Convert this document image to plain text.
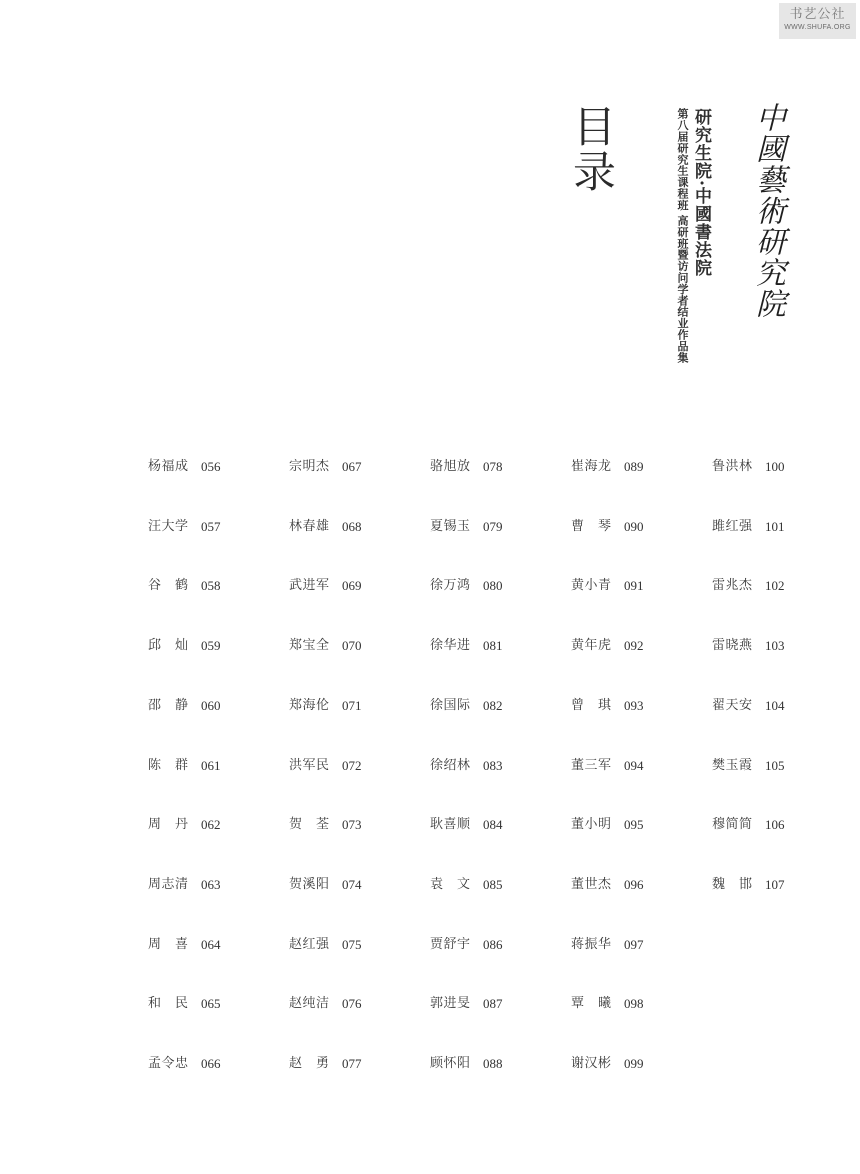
书艺公社
WWW.SHUFA.ORG
中國藝術研究院
研究生院·中國書法院
第八届研究生课程班 高研班暨访问学者结业作品集
目录
杨福成 056
汪大学 057
谷鹤 058
邱灿 059
邵静 060
陈群 061
周丹 062
周志清 063
周喜 064
和民 065
孟令忠 066
宗明杰 067
林春雄 068
武进军 069
郑宝全 070
郑海伦 071
洪军民 072
贺荃 073
贺溪阳 074
赵红强 075
赵纯洁 076
赵勇 077
骆旭放 078
夏锡玉 079
徐万鸿 080
徐华进 081
徐国际 082
徐绍林 083
耿喜顺 084
袁文 085
贾舒宇 086
郭进旻 087
顾怀阳 088
崔海龙 089
曹琴 090
黄小青 091
黄年虎 092
曾琪 093
董三军 094
董小明 095
董世杰 096
蒋振华 097
覃曦 098
谢汉彬 099
鲁洪林 100
雎红强 101
雷兆杰 102
雷晓燕 103
翟天安 104
樊玉霞 105
穆简简 106
魏邯 107
